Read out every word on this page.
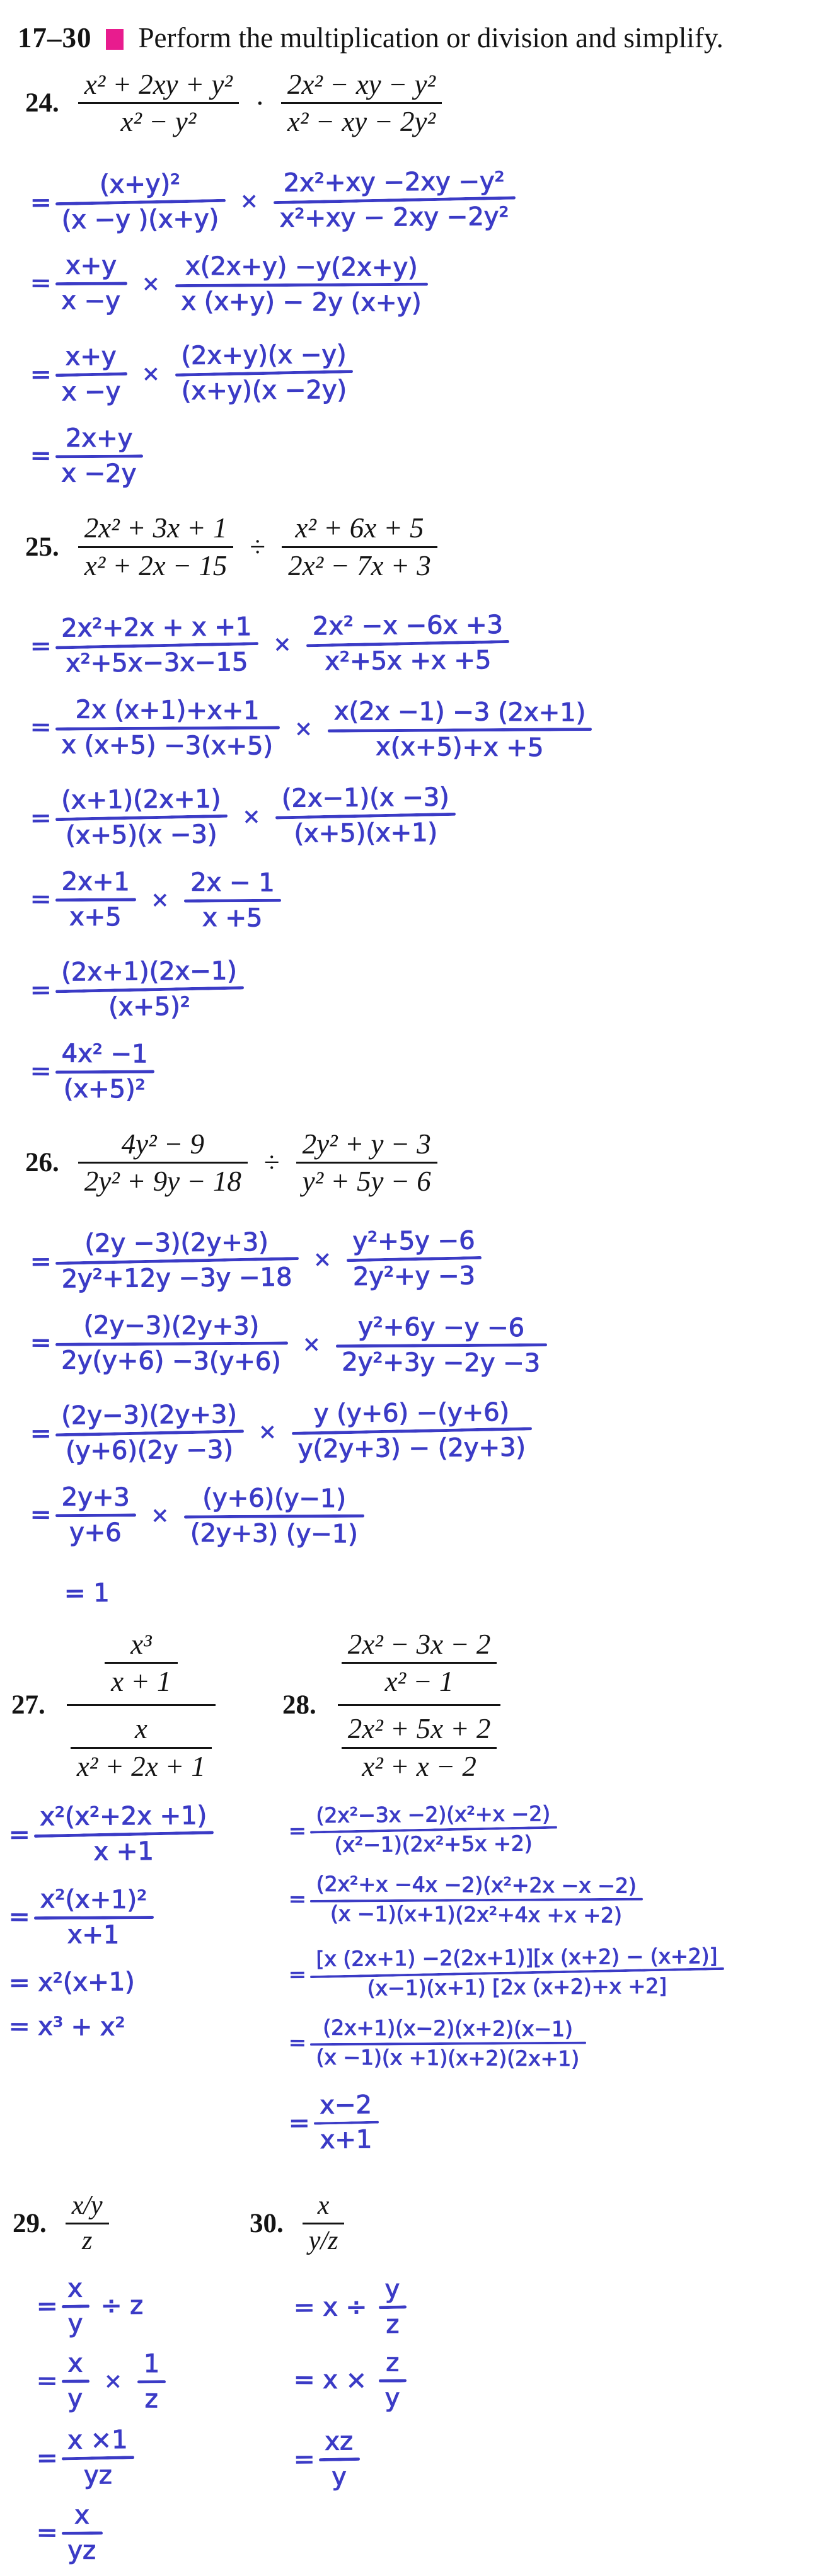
17–30 Perform the multiplication or division and simplify.
24. $\frac{\text{x² + 2xy + y²}}{\text{x² − y²}} \cdot \frac{\text{2x² − xy − y²}}{\text{x² − xy − 2y²}}$
=
(x+y)²
(x −y )(x+y)
×
2x²+xy −2xy −y²
x²+xy − 2xy −2y²
=
x+y
x −y
×
x(2x+y) −y(2x+y)
x (x+y) − 2y (x+y)
=
x+y
x −y
×
(2x+y)(x −y)
(x+y)(x −2y)
=
2x+y
x −2y
25. $\frac{\text{2x² + 3x + 1}}{\text{x² + 2x − 15}} \div \frac{\text{x² + 6x + 5}}{\text{2x² − 7x + 3}}$
=
2x²+2x + x +1
x²+5x−3x−15
×
2x² −x −6x +3
x²+5x +x +5
=
2x (x+1)+x+1
x (x+5) −3(x+5)
×
x(2x −1) −3 (2x+1)
x(x+5)+x +5
=
(x+1)(2x+1)
(x+5)(x −3)
×
(2x−1)(x −3)
(x+5)(x+1)
=
2x+1
x+5
×
2x − 1
x +5
=
(2x+1)(2x−1)
(x+5)²
=
4x² −1
(x+5)²
26. $\frac{\text{4y² − 9}}{\text{2y² + 9y − 18}} \div \frac{\text{2y² + y − 3}}{\text{y² + 5y − 6}}$
=
(2y −3)(2y+3)
2y²+12y −3y −18
×
y²+5y −6
2y²+y −3
=
(2y−3)(2y+3)
2y(y+6) −3(y+6)
×
y²+6y −y −6
2y²+3y −2y −3
=
(2y−3)(2y+3)
(y+6)(2y −3)
×
y (y+6) −(y+6)
y(2y+3) − (2y+3)
=
2y+3
y+6
×
(y+6)(y−1)
(2y+3) (y−1)
= 1
27.
$\frac{\text{x³}}{x + 1}$
$\frac{x}{\text{x² + 2x + 1}}$
=
x²(x²+2x +1)
x +1
=
x²(x+1)²
x+1
= x²(x+1)
= x³ + x²
28.
$\frac{\text{2x² − 3x − 2}}{\text{x² − 1}}$
$\frac{\text{2x² + 5x + 2}}{\text{x² + x − 2}}$
=
(2x²−3x −2)(x²+x −2)
(x²−1)(2x²+5x +2)
=
(2x²+x −4x −2)(x²+2x −x −2)
(x −1)(x+1)(2x²+4x +x +2)
=
[x (2x+1) −2(2x+1)][x (x+2) − (x+2)]
(x−1)(x+1) [2x (x+2)+x +2]
=
(2x+1)(x−2)(x+2)(x−1)
(x −1)(x +1)(x+2)(2x+1)
=
x−2
x+1
29. $\frac{x/y}{z}$
=
x
y
÷ z
=
x
y
×
1
z
=
x ×1
yz
=
x
yz
30. $\frac{x}{y/z}$
= x ÷
y
z
= x ×
z
y
=
xz
y
